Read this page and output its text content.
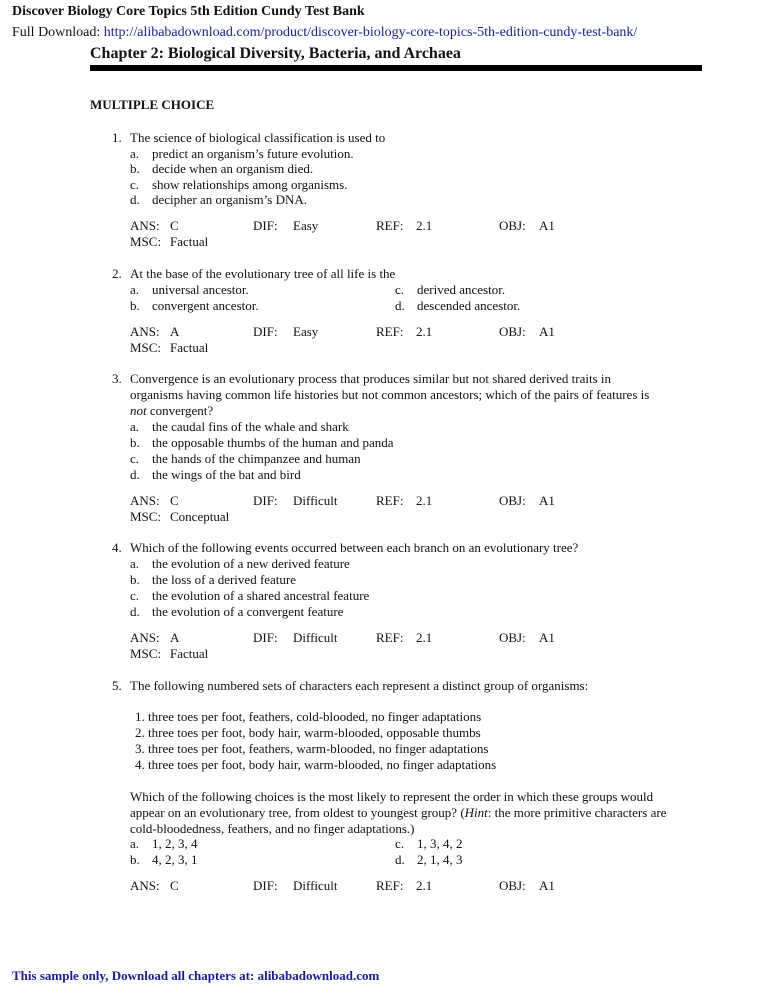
Discover Biology Core Topics 5th Edition Cundy Test Bank
Full Download: http://alibabadownload.com/product/discover-biology-core-topics-5th-edition-cundy-test-bank/
Chapter 2: Biological Diversity, Bacteria, and Archaea
MULTIPLE CHOICE
1. The science of biological classification is used to
a. predict an organism’s future evolution.
b. decide when an organism died.
c. show relationships among organisms.
d. decipher an organism’s DNA.
ANS: C	DIF: Easy	REF: 2.1	OBJ: A1
MSC: Factual
2. At the base of the evolutionary tree of all life is the
a. universal ancestor.
b. convergent ancestor.
c. derived ancestor.
d. descended ancestor.
ANS: A	DIF: Easy	REF: 2.1	OBJ: A1
MSC: Factual
3. Convergence is an evolutionary process that produces similar but not shared derived traits in
organisms having common life histories but not common ancestors; which of the pairs of features is
not convergent?
a. the caudal fins of the whale and shark
b. the opposable thumbs of the human and panda
c. the hands of the chimpanzee and human
d. the wings of the bat and bird
ANS: C	DIF: Difficult	REF: 2.1	OBJ: A1
MSC: Conceptual
4. Which of the following events occurred between each branch on an evolutionary tree?
a. the evolution of a new derived feature
b. the loss of a derived feature
c. the evolution of a shared ancestral feature
d. the evolution of a convergent feature
ANS: A	DIF: Difficult	REF: 2.1	OBJ: A1
MSC: Factual
5. The following numbered sets of characters each represent a distinct group of organisms:
1. three toes per foot, feathers, cold-blooded, no finger adaptations
2. three toes per foot, body hair, warm-blooded, opposable thumbs
3. three toes per foot, feathers, warm-blooded, no finger adaptations
4. three toes per foot, body hair, warm-blooded, no finger adaptations
Which of the following choices is the most likely to represent the order in which these groups would
appear on an evolutionary tree, from oldest to youngest group? (Hint: the more primitive characters are
cold-bloodedness, feathers, and no finger adaptations.)
a. 1, 2, 3, 4
b. 4, 2, 3, 1
c. 1, 3, 4, 2
d. 2, 1, 4, 3
ANS: C	DIF: Difficult	REF: 2.1	OBJ: A1
This sample only, Download all chapters at: alibabadownload.com
